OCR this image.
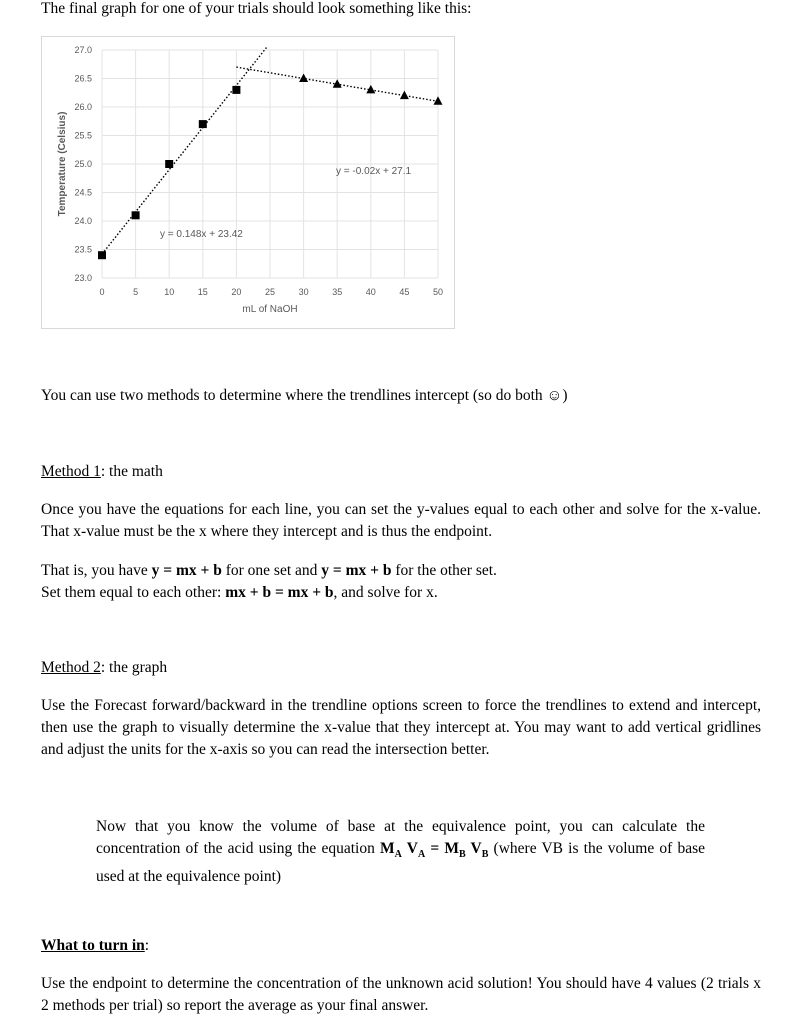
The final graph for one of your trials should look something like this:

0	5	10	15	20	25	30	35	40	45	50
23.0
23.5
24.0
24.5
25.0
25.5
26.0
26.5
27.0
mL of NaOH
Temperature (Celsius)
y = 0.148x + 23.42
y = -0.02x + 27.1

You can use two methods to determine where the trendlines intercept (so do both ☺)

Method 1: the math

Once you have the equations for each line, you can set the y-values equal to each other and solve for the x-value. That x-value must be the x where they intercept and is thus the endpoint.

That is, you have y = mx + b for one set and y = mx + b for the other set.

Set them equal to each other: mx + b = mx + b, and solve for x.

Method 2: the graph

Use the Forecast forward/backward in the trendline options screen to force the trendlines to extend and intercept, then use the graph to visually determine the x-value that they intercept at. You may want to add vertical gridlines and adjust the units for the x-axis so you can read the intersection better.

Now that you know the volume of base at the equivalence point, you can calculate the concentration of the acid using the equation $M_A$ $V_A = M_B$ $V_B$ (where VB is the volume of base used at the equivalence point)

What to turn in:

Use the endpoint to determine the concentration of the unknown acid solution! You should have 4 values (2 trials x 2 methods per trial) so report the average as your final answer.
